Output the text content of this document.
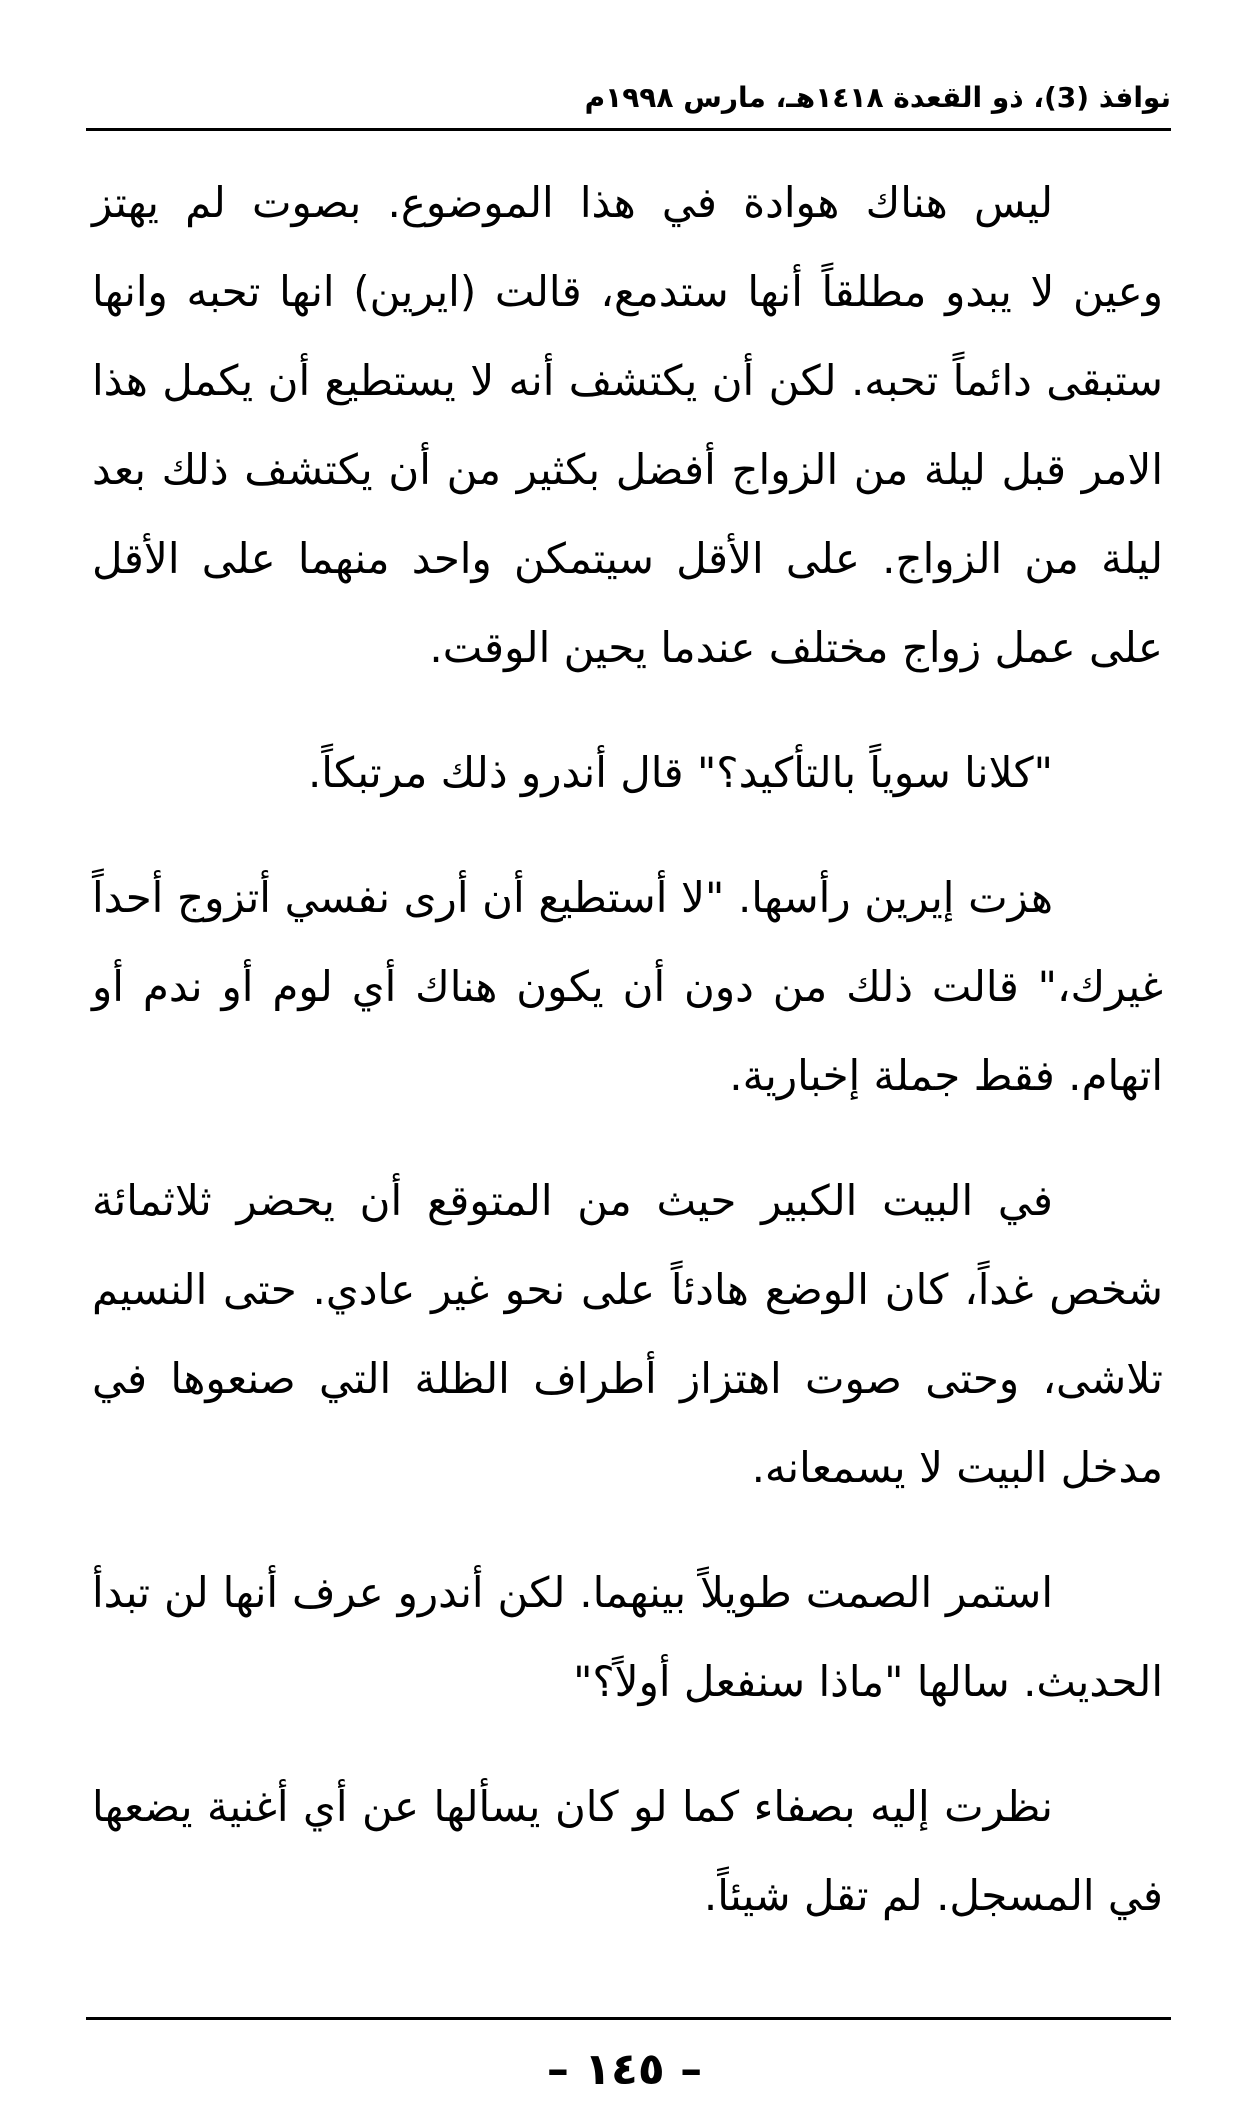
نوافذ (3)، ذو القعدة ١٤١٨هـ، مارس ١٩٩٨م

ليس هناك هوادة في هذا الموضوع. بصوت لم يهتز وعين لا يبدو مطلقاً أنها ستدمع، قالت (ايرين) انها تحبه وانها ستبقى دائماً تحبه. لكن أن يكتشف أنه لا يستطيع أن يكمل هذا الامر قبل ليلة من الزواج أفضل بكثير من أن يكتشف ذلك بعد ليلة من الزواج. على الأقل سيتمكن واحد منهما على الأقل على عمل زواج مختلف عندما يحين الوقت.

"كلانا سوياً بالتأكيد؟" قال أندرو ذلك مرتبكاً.

هزت إيرين رأسها. "لا أستطيع أن أرى نفسي أتزوج أحداً غيرك،" قالت ذلك من دون أن يكون هناك أي لوم أو ندم أو اتهام. فقط جملة إخبارية.

في البيت الكبير حيث من المتوقع أن يحضر ثلاثمائة شخص غداً، كان الوضع هادئاً على نحو غير عادي. حتى النسيم تلاشى، وحتى صوت اهتزاز أطراف الظلة التي صنعوها في مدخل البيت لا يسمعانه.

استمر الصمت طويلاً بينهما. لكن أندرو عرف أنها لن تبدأ الحديث. سالها "ماذا سنفعل أولاً؟"

نظرت إليه بصفاء كما لو كان يسألها عن أي أغنية يضعها في المسجل. لم تقل شيئاً.

– ١٤٥ –
